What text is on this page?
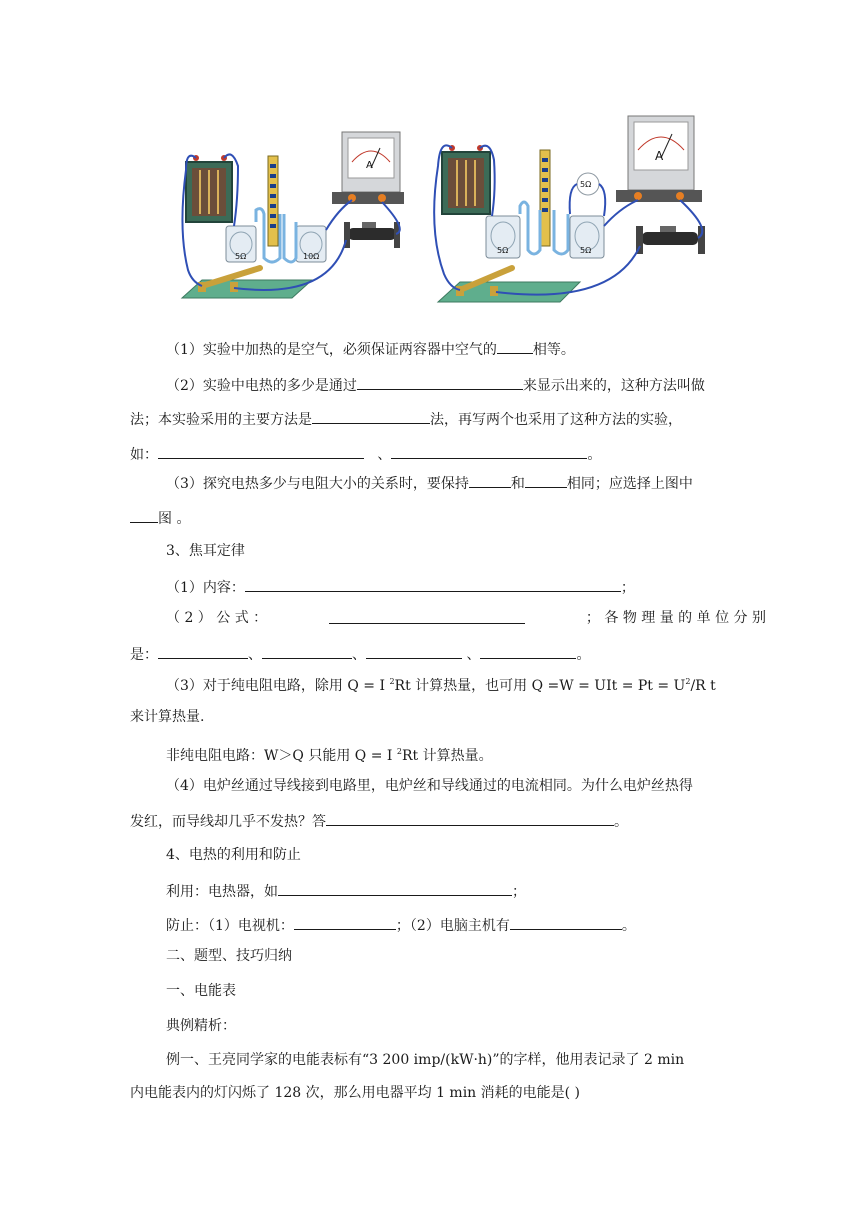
5Ω	10Ω
A
5Ω	5Ω
5Ω
A
（1）实验中加热的是空气，必须保证两容器中空气的	相等。
（2）实验中电热的多少是通过	来显示出来的，这种方法叫做
法；本实验采用的主要方法是	法，再写两个也采用了这种方法的实验，
如：	、	。
（3）探究电热多少与电阻大小的关系时，要保持	和	相同；应选择上图中
图 。
3、焦耳定律
（1）内容：	；
（ 2 ） 公 式 ：	； 各 物 理 量 的 单 位 分 别
是：	、	、	、	。
（3）对于纯电阻电路，除用 Q = I $^2$Rt 计算热量，也可用 Q =W = UIt = $Pt = U^2/R$ t
来计算热量.
非纯电阻电路：W＞Q 只能用 Q = I $^2$Rt 计算热量。
（4）电炉丝通过导线接到电路里，电炉丝和导线通过的电流相同。为什么电炉丝热得
发红，而导线却几乎不发热？答	。
4、电热的利用和防止
利用：电热器，如	；
防止：（1）电视机：	；（2）电脑主机有	。
二、题型、技巧归纳
一、电能表
典例精析：
例一、王亮同学家的电能表标有“3 200 imp/(kW·h)”的字样，他用表记录了 2 min
内电能表内的灯闪烁了 128 次，那么用电器平均 1 min 消耗的电能是( )
